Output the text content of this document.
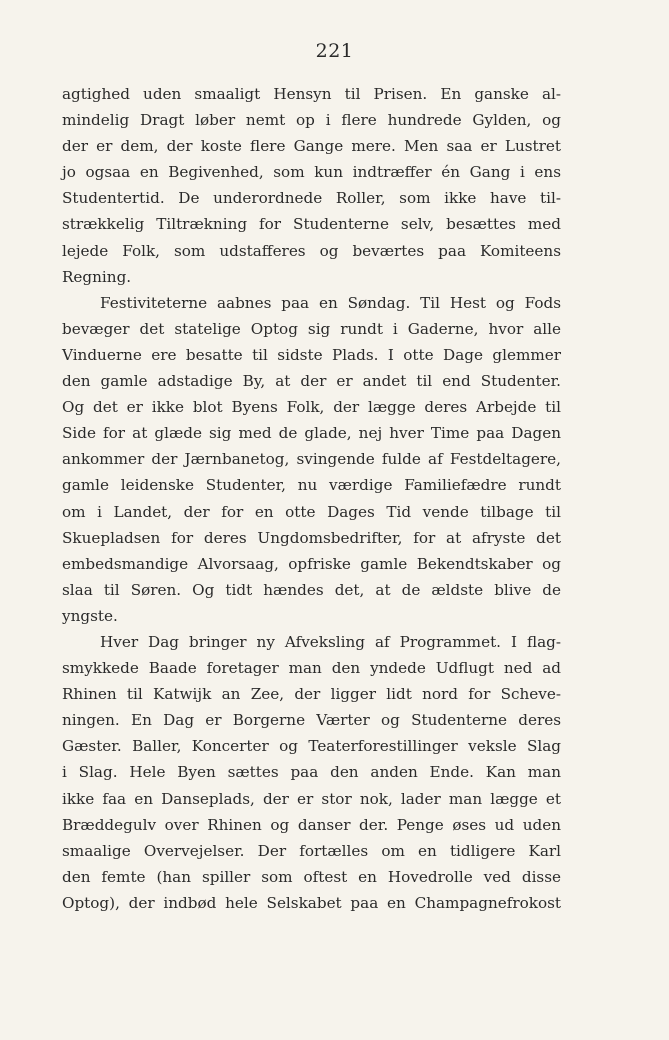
221
agtighed uden smaaligt Hensyn til Prisen. En ganske al-
mindelig Dragt løber nemt op i flere hundrede Gylden, og
der er dem, der koste flere Gange mere. Men saa er Lustret
jo ogsaa en Begivenhed, som kun indtræffer én Gang i ens
Studentertid. De underordnede Roller, som ikke have til-
strækkelig Tiltrækning for Studenterne selv, besættes med
lejede Folk, som udstafferes og beværtes paa Komiteens
Regning.
Festiviteterne aabnes paa en Søndag. Til Hest og Fods
bevæger det statelige Optog sig rundt i Gaderne, hvor alle
Vinduerne ere besatte til sidste Plads. I otte Dage glemmer
den gamle adstadige By, at der er andet til end Studenter.
Og det er ikke blot Byens Folk, der lægge deres Arbejde til
Side for at glæde sig med de glade, nej hver Time paa Dagen
ankommer der Jærnbanetog, svingende fulde af Festdeltagere,
gamle leidenske Studenter, nu værdige Familiefædre rundt
om i Landet, der for en otte Dages Tid vende tilbage til
Skuepladsen for deres Ungdomsbedrifter, for at afryste det
embedsmandige Alvorsaag, opfriske gamle Bekendtskaber og
slaa til Søren. Og tidt hændes det, at de ældste blive de
yngste.
Hver Dag bringer ny Afveksling af Programmet. I flag-
smykkede Baade foretager man den yndede Udflugt ned ad
Rhinen til Katwijk an Zee, der ligger lidt nord for Scheve-
ningen. En Dag er Borgerne Værter og Studenterne deres
Gæster. Baller, Koncerter og Teaterforestillinger veksle Slag
i Slag. Hele Byen sættes paa den anden Ende. Kan man
ikke faa en Danseplads, der er stor nok, lader man lægge et
Bræddegulv over Rhinen og danser der. Penge øses ud uden
smaalige Overvejelser. Der fortælles om en tidligere Karl
den femte (han spiller som oftest en Hovedrolle ved disse
Optog), der indbød hele Selskabet paa en Champagnefrokost
